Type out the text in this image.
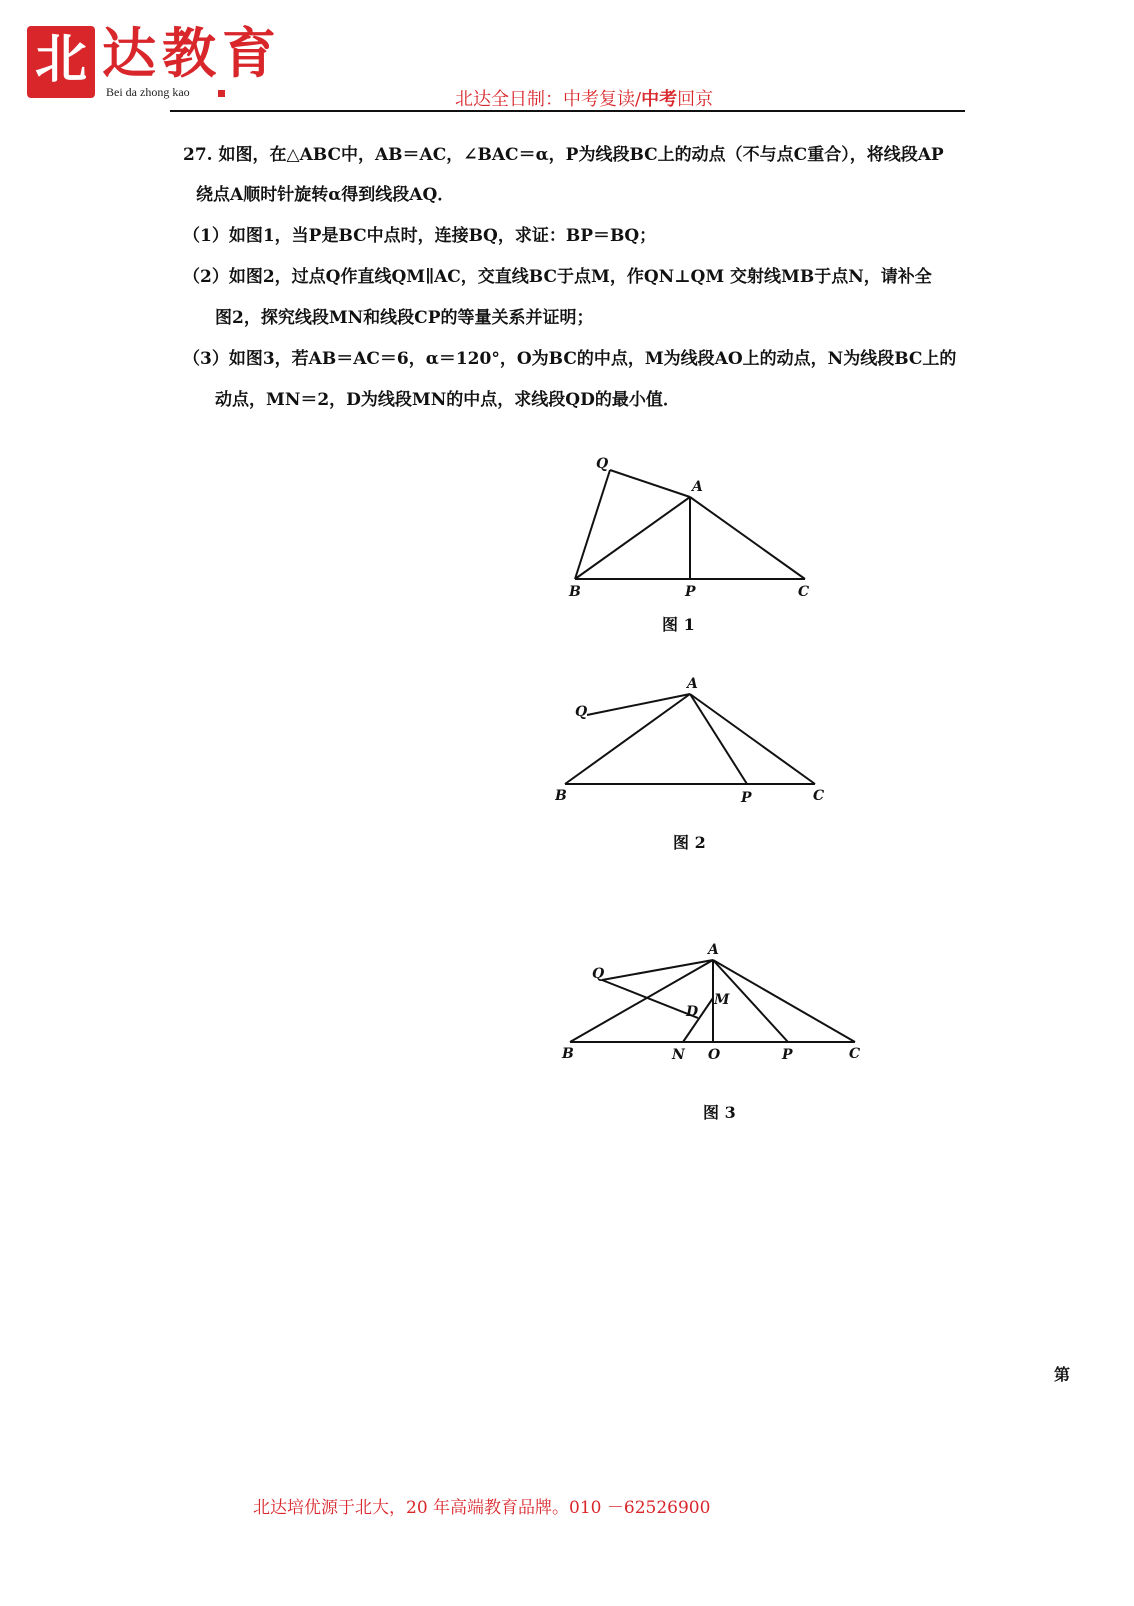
北 达教育
Bei da zhong kao	北达全日制：中考复读/中考回京
27. 如图，在△ABC中，AB＝AC，∠BAC＝α，P为线段BC上的动点（不与点C重合），将线段AP
绕点A顺时针旋转α得到线段AQ．
（1）如图1，当P是BC中点时，连接BQ，求证：BP＝BQ；
（2）如图2，过点Q作直线QM∥AC，交直线BC于点M，作QN⊥QM 交射线MB于点N，请补全
图2，探究线段MN和线段CP的等量关系并证明；
（3）如图3，若AB＝AC＝6，α＝120°，O为BC的中点，M为线段AO上的动点，N为线段BC上的
动点，MN＝2，D为线段MN的中点，求线段QD的最小值．
Q
A
B	P	C
图 1
Q
A
B	P	C
图 2
Q
A
M
D
B	N O	P	C
图 3
第
北达培优源于北大，20 年高端教育品牌。010 －62526900
